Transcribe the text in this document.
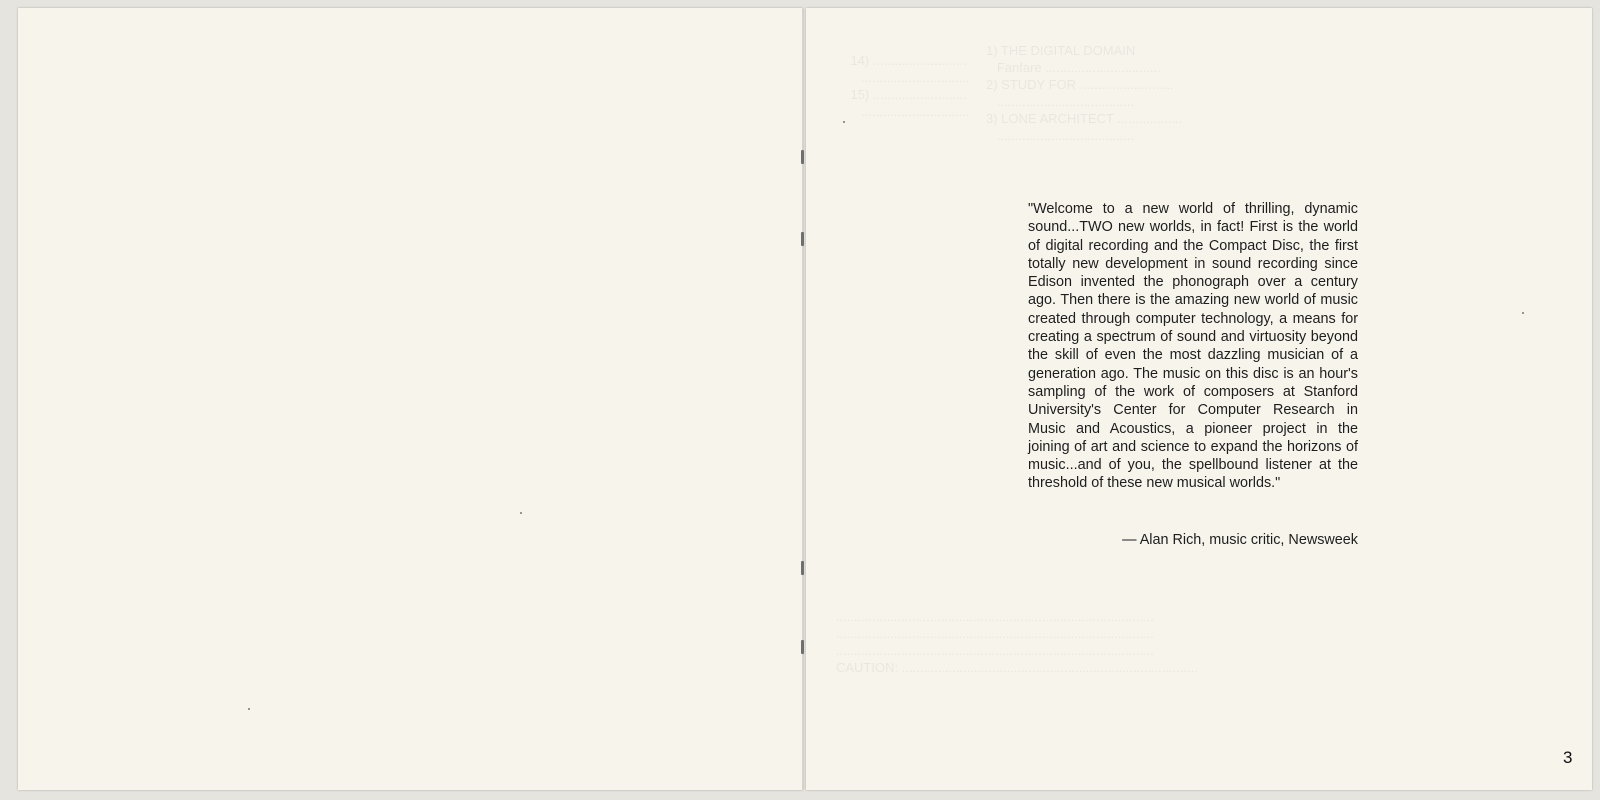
1) THE DIGITAL DOMAIN
Fanfare ................................
2) STUDY FOR ..........................
......................................
3) LONE ARCHITECT ..................
......................................
14) ..........................
..............................
15) ..........................
..............................
........................................................................................
........................................................................................
........................................................................................
CAUTION: ..................................................................................
"Welcome to a new world of thrilling, dynamic sound...TWO new worlds, in fact! First is the world of digital recording and the Compact Disc, the first totally new development in sound recording since Edison invented the phonograph over a century ago. Then there is the amazing new world of music created through computer technology, a means for creating a spectrum of sound and virtuosity beyond the skill of even the most dazzling musician of a generation ago. The music on this disc is an hour's sampling of the work of composers at Stanford University's Center for Computer Research in Music and Acoustics, a pioneer project in the joining of art and science to expand the horizons of music...and of you, the spellbound listener at the threshold of these new musical worlds."
— Alan Rich, music critic, Newsweek
3
